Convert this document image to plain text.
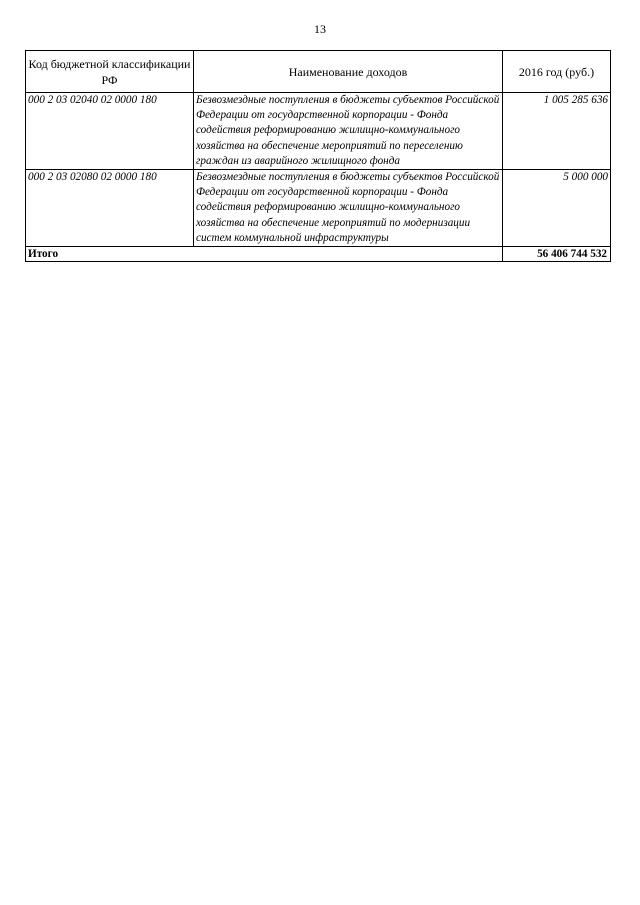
13
Код бюджетной классификации РФ	Наименование доходов	2016 год (руб.)
000 2 03 02040 02 0000 180	Безвозмездные поступления в бюджеты субъектов Российской Федерации от государственной корпорации - Фонда содействия реформированию жилищно-коммунального хозяйства на обеспечение мероприятий по переселению граждан из аварийного жилищного фонда	1 005 285 636
000 2 03 02080 02 0000 180	Безвозмездные поступления в бюджеты субъектов Российской Федерации от государственной корпорации - Фонда содействия реформированию жилищно-коммунального хозяйства на обеспечение мероприятий по модернизации систем коммунальной инфраструктуры	5 000 000
Итого		56 406 744 532
